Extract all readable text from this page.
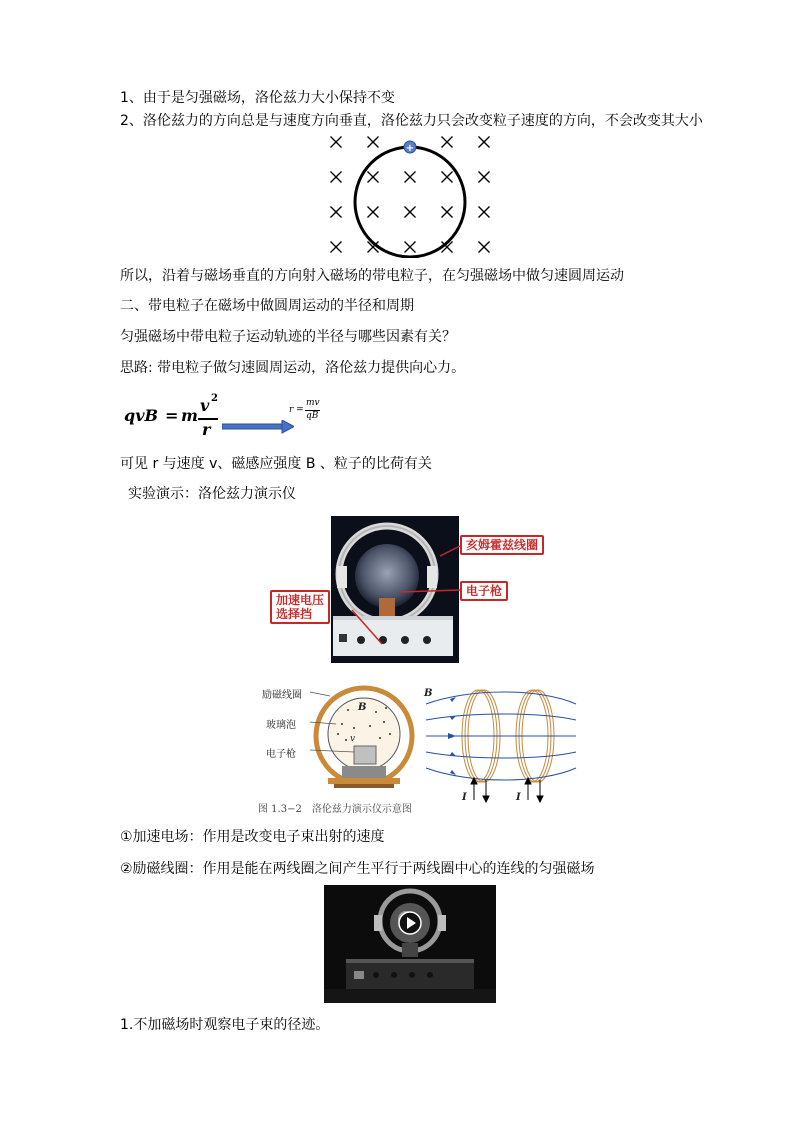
1、由于是匀强磁场，洛伦兹力大小保持不变
2、洛伦兹力的方向总是与速度方向垂直，洛伦兹力只会改变粒子速度的方向，不会改变其大小
+
所以，沿着与磁场垂直的方向射入磁场的带电粒子，在匀强磁场中做匀速圆周运动
二、带电粒子在磁场中做圆周运动的半径和周期
匀强磁场中带电粒子运动轨迹的半径与哪些因素有关？
思路: 带电粒子做匀速圆周运动，洛伦兹力提供向心力。
qvB = m
v 2
r
r =
mv
qB
可见 r 与速度 v、磁感应强度 B 、粒子的比荷有关
实验演示：洛伦兹力演示仪
亥姆霍兹线圈
电子枪
加速电压
选择挡
励磁线圈
玻璃泡
电子枪
B
v
B
I	I
图 1.3−2　洛伦兹力演示仪示意图
①加速电场：作用是改变电子束出射的速度
②励磁线圈：作用是能在两线圈之间产生平行于两线圈中心的连线的匀强磁场
1.不加磁场时观察电子束的径迹。
